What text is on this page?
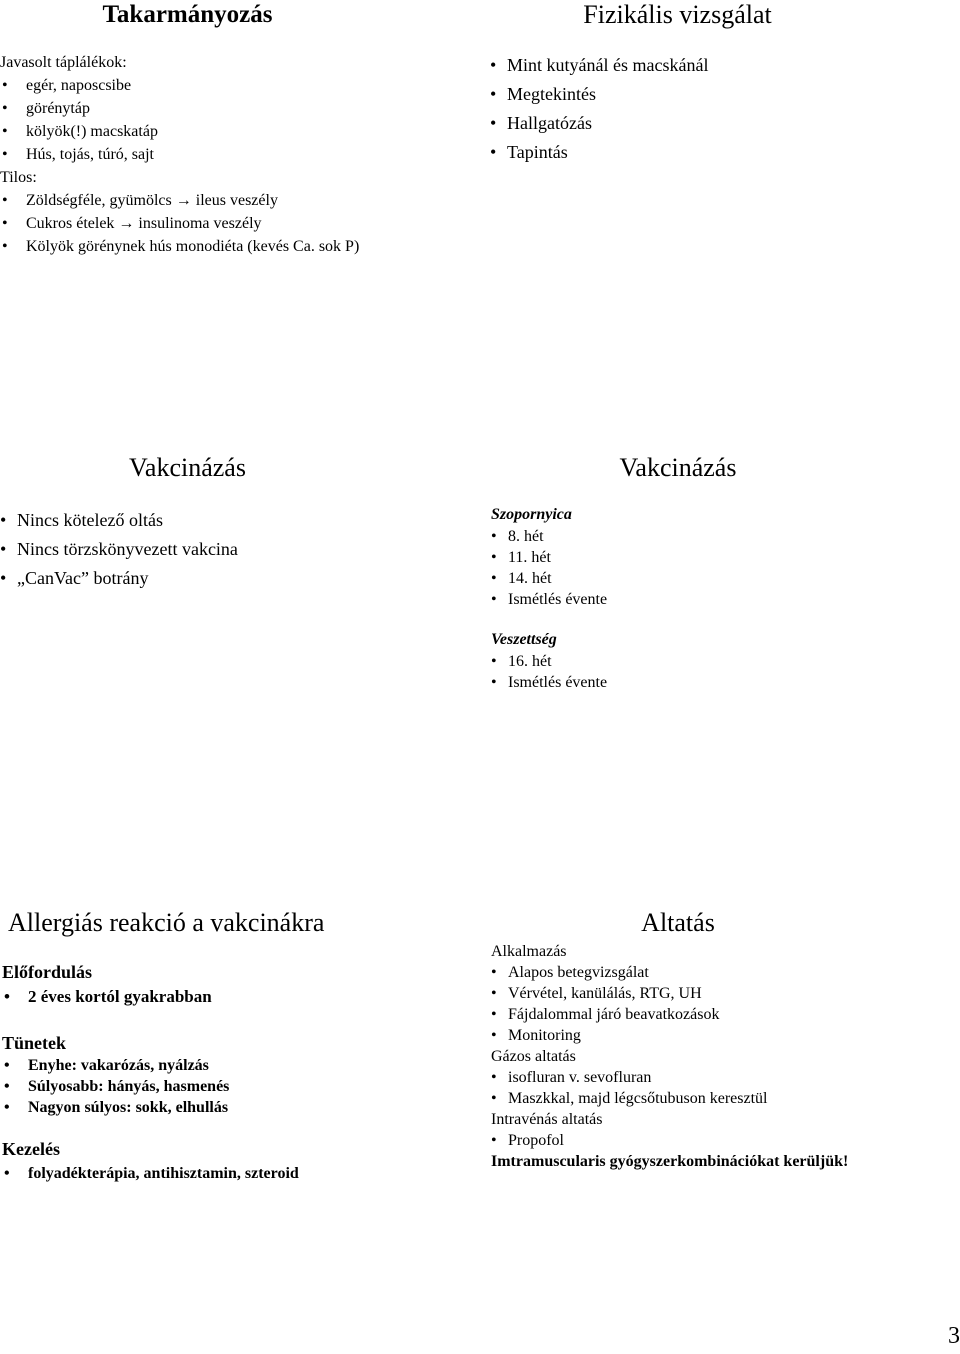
Takarmányozás
Javasolt táplálékok:
• egér, naposcsibe
• görénytáp
• kölyök(!) macskatáp
• Hús, tojás, túró, sajt
Tilos:
• Zöldségféle, gyümölcs → ileus veszély
• Cukros ételek → insulinoma veszély
• Kölyök görénynek hús monodiéta (kevés Ca. sok P)
Fizikális vizsgálat
• Mint kutyánál és macskánál
• Megtekintés
• Hallgatózás
• Tapintás
Vakcinázás
• Nincs kötelező oltás
• Nincs törzskönyvezett vakcina
• „CanVac” botrány
Vakcinázás
Szopornyica
• 8. hét
• 11. hét
• 14. hét
• Ismétlés évente
Veszettség
• 16. hét
• Ismétlés évente
Allergiás reakció a vakcinákra
Előfordulás
• 2 éves kortól gyakrabban
Tünetek
• Enyhe: vakarózás, nyálzás
• Súlyosabb: hányás, hasmenés
• Nagyon súlyos: sokk, elhullás
Kezelés
• folyadékterápia, antihisztamin, szteroid
Altatás
Alkalmazás
• Alapos betegvizsgálat
• Vérvétel, kanülálás, RTG, UH
• Fájdalommal járó beavatkozások
• Monitoring
Gázos altatás
• isofluran v. sevofluran
• Maszkkal, majd légcsőtubuson keresztül
Intravénás altatás
• Propofol
Imtramuscularis gyógyszerkombinációkat kerüljük!
3
